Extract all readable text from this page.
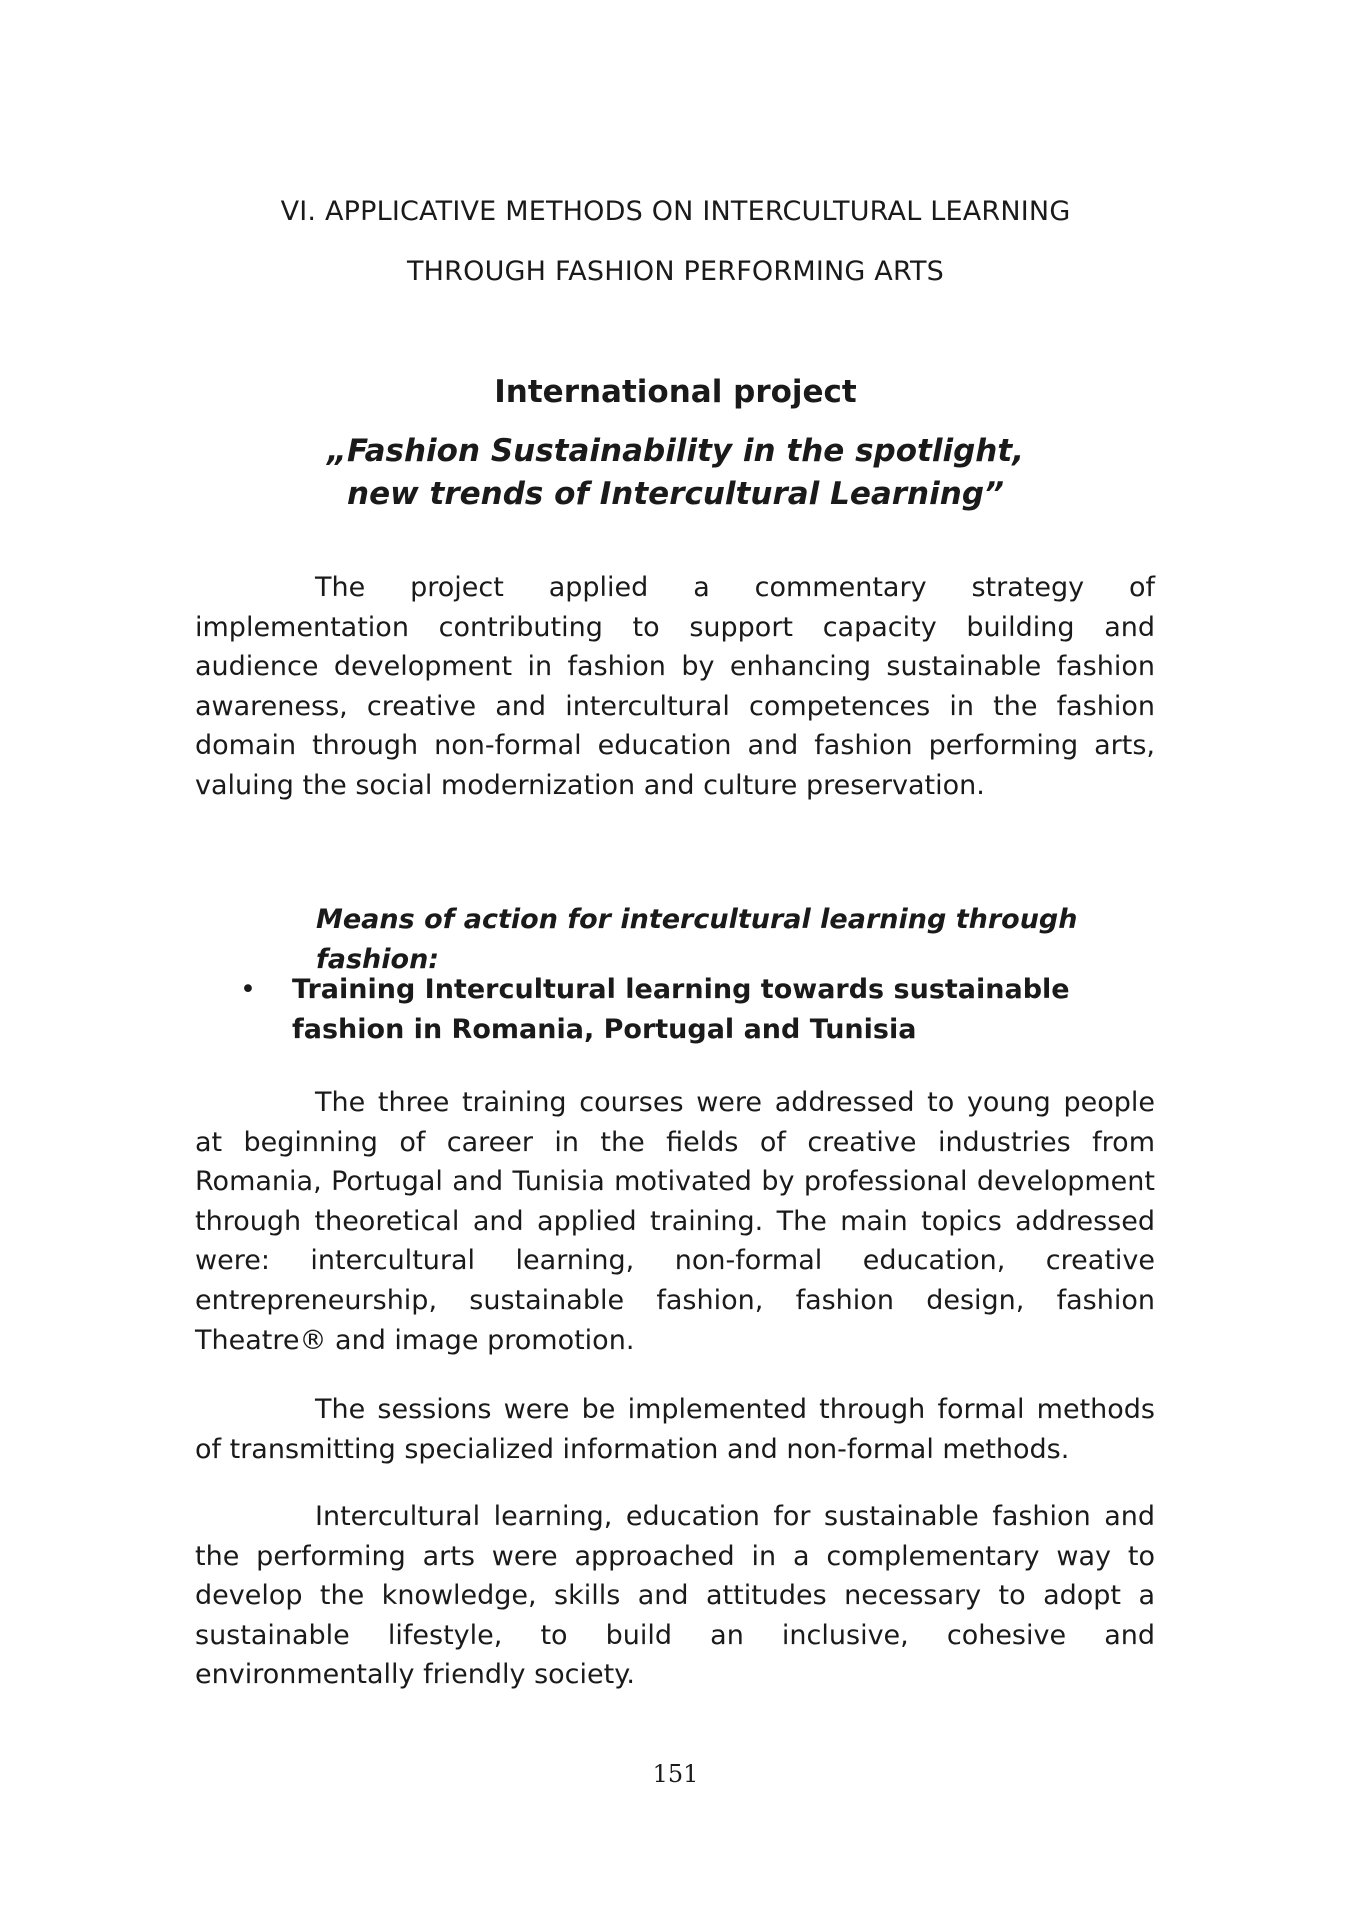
VI. APPLICATIVE METHODS ON INTERCULTURAL LEARNING
THROUGH FASHION PERFORMING ARTS
International project
„Fashion Sustainability in the spotlight,
new trends of Intercultural Learning”

The project applied a commentary strategy of implementation contributing to support capacity building and audience development in fashion by enhancing sustainable fashion awareness, creative and intercultural competences in the fashion domain through non-formal education and fashion performing arts, valuing the social modernization and culture preservation.

Means of action for intercultural learning through fashion:

•	Training Intercultural learning towards sustainable fashion in Romania, Portugal and Tunisia

The three training courses were addressed to young people at beginning of career in the fields of creative industries from Romania, Portugal and Tunisia motivated by professional development through theoretical and applied training. The main topics addressed were: intercultural learning, non-formal education, creative entrepreneurship, sustainable fashion, fashion design, fashion Theatre® and image promotion.

The sessions were be implemented through formal methods of transmitting specialized information and non-formal methods.

Intercultural learning, education for sustainable fashion and the performing arts were approached in a complementary way to develop the knowledge, skills and attitudes necessary to adopt a sustainable lifestyle, to build an inclusive, cohesive and environmentally friendly society.

151
